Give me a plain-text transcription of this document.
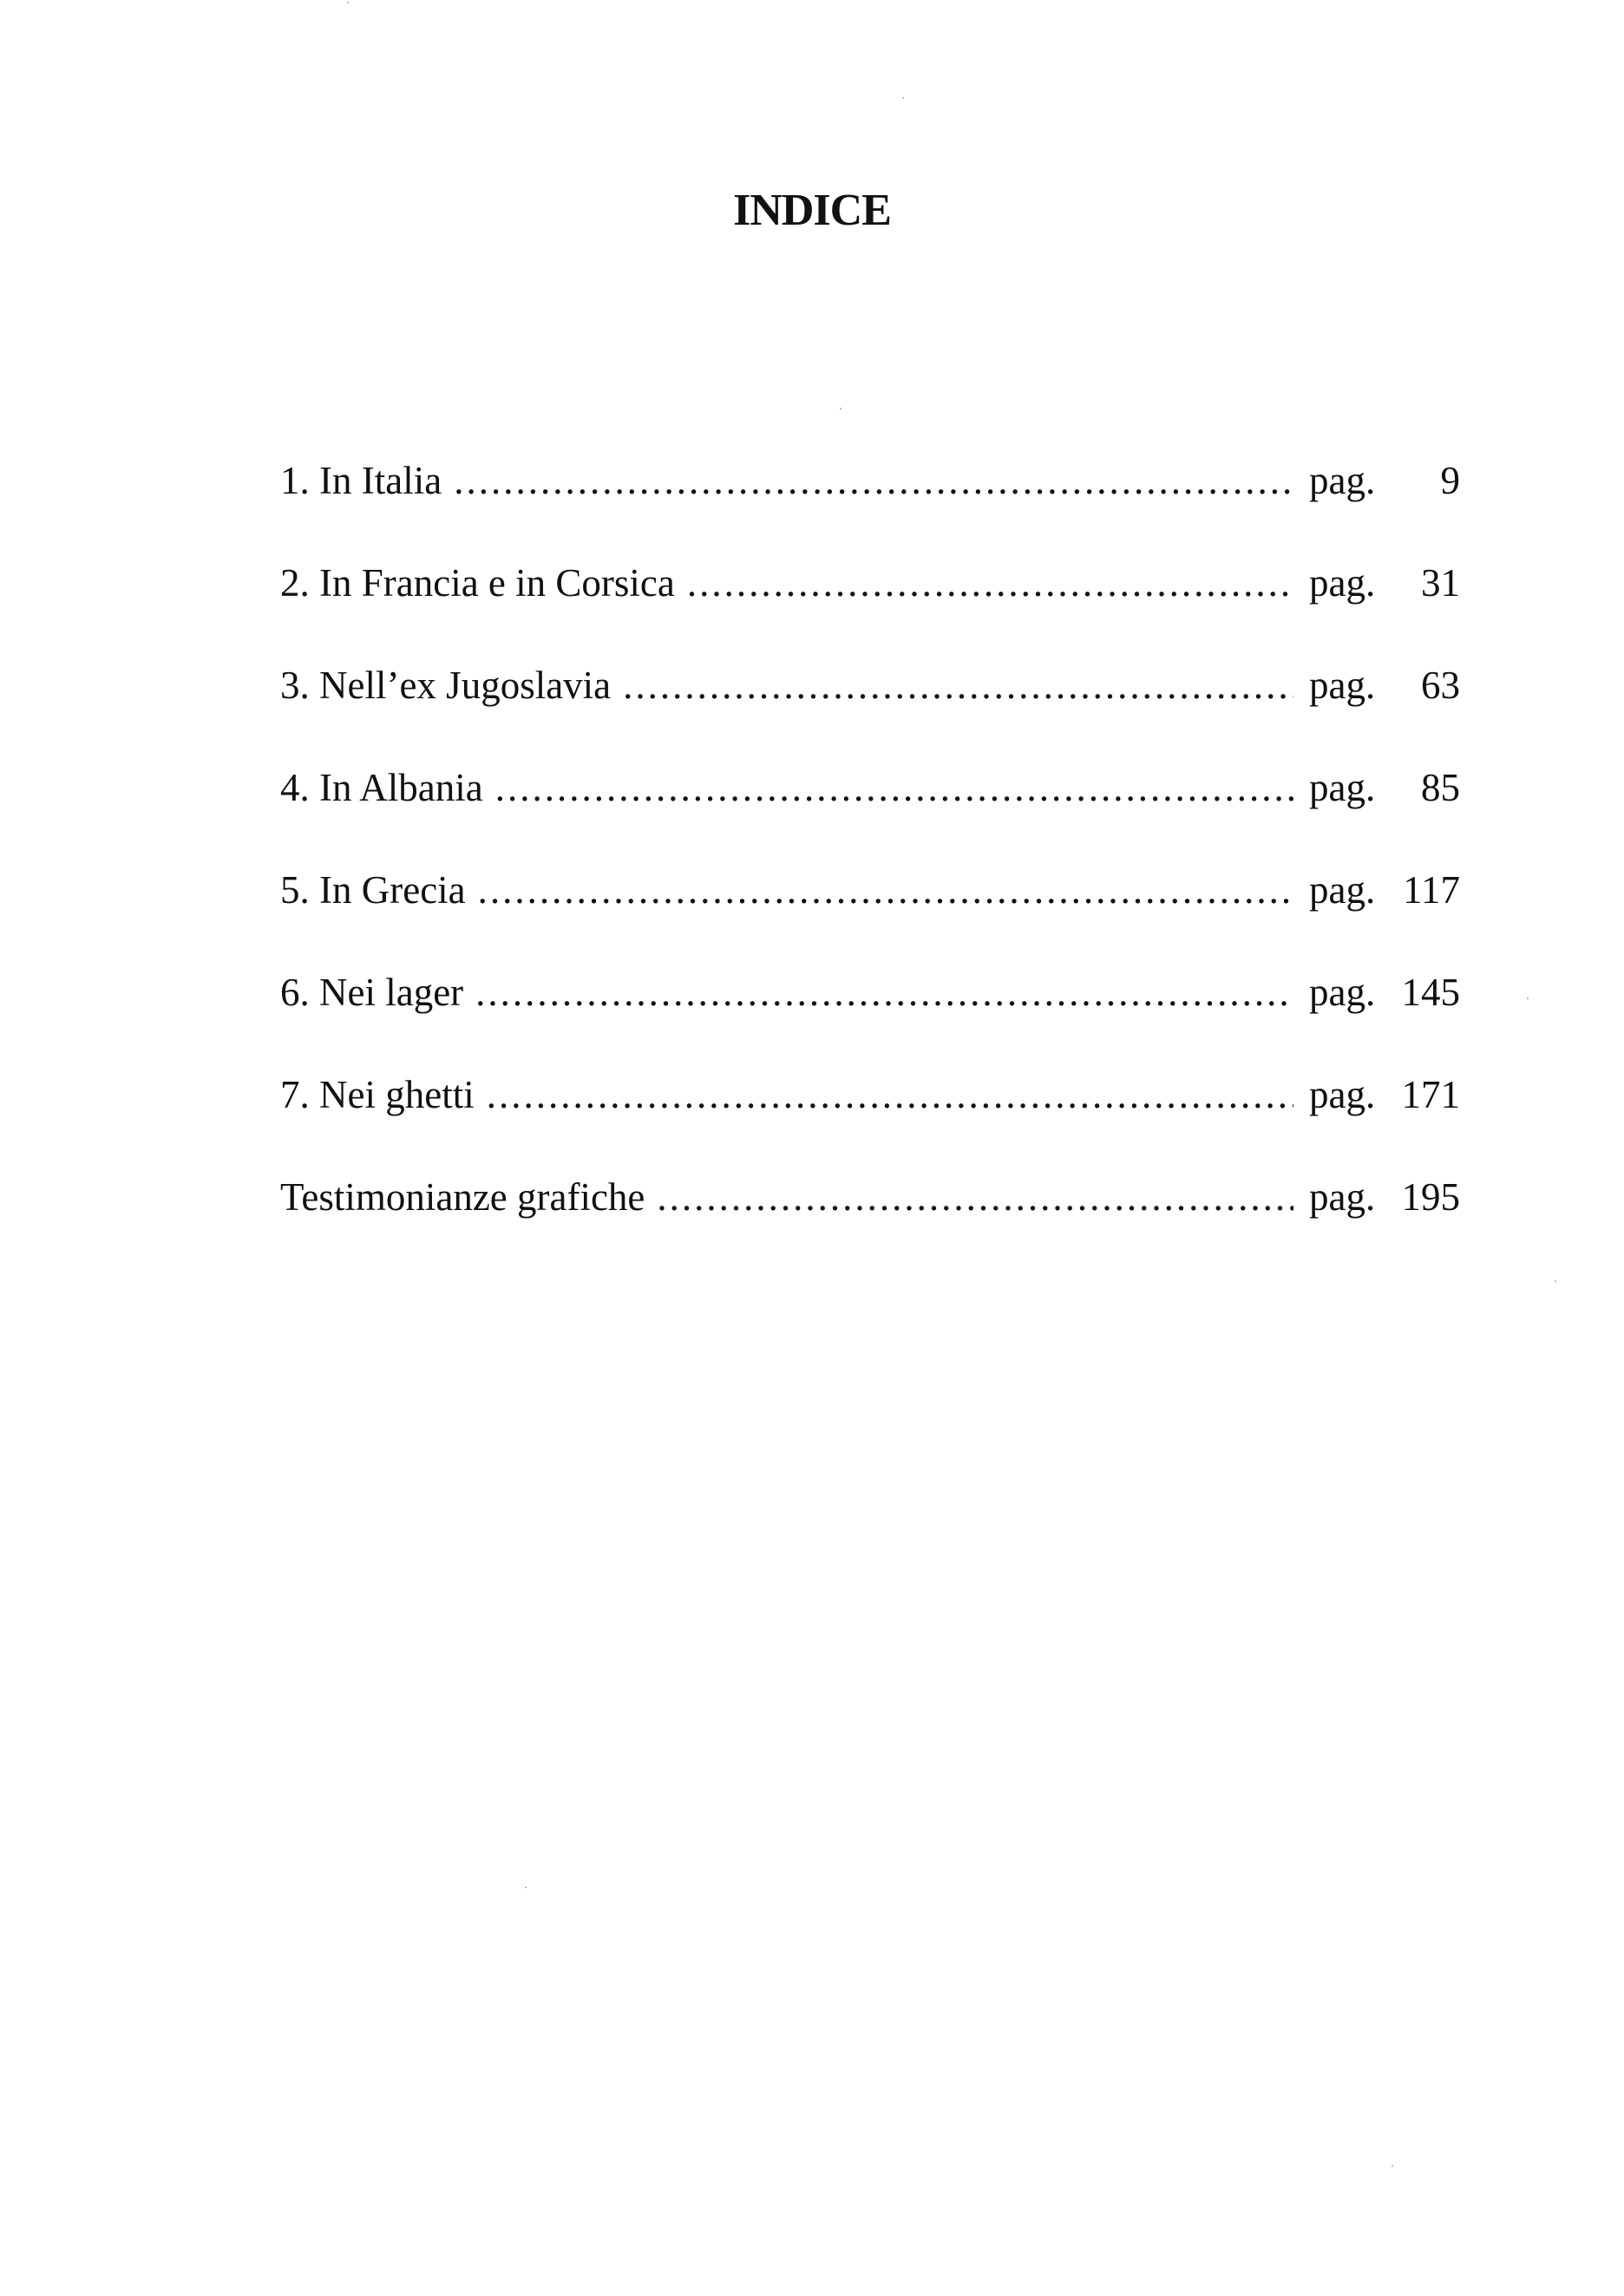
INDICE
1. In Italia .....	pag.	9
2. In Francia e in Corsica .....	pag.	31
3. Nell’ex Jugoslavia .....	pag.	63
4. In Albania .....	pag.	85
5. In Grecia .....	pag. 117
6. Nei lager .....	pag. 145
7. Nei ghetti .....	pag. 171
Testimonianze grafiche .....	pag. 195
